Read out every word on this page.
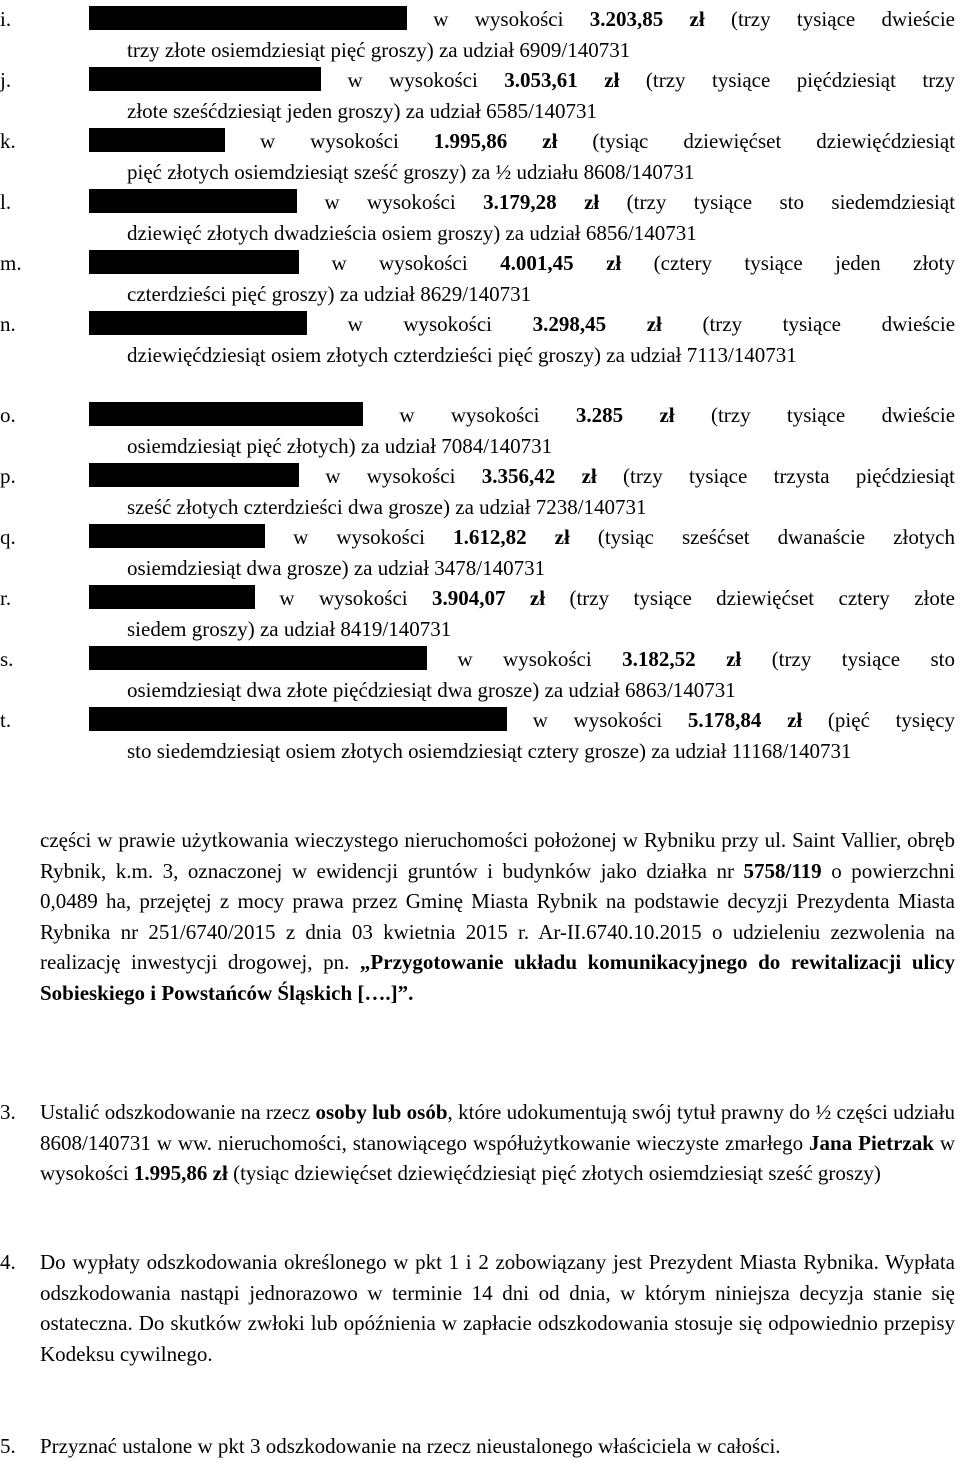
i.	w wysokości 3.203,85 zł (trzy tysiące dwieście
trzy złote osiemdziesiąt pięć groszy) za udział 6909/140731
j.	w wysokości 3.053,61 zł (trzy tysiące pięćdziesiąt trzy
złote sześćdziesiąt jeden groszy) za udział 6585/140731
k.	w wysokości 1.995,86 zł (tysiąc dziewięćset dziewięćdziesiąt
pięć złotych osiemdziesiąt sześć groszy) za ½ udziału 8608/140731
l.	w wysokości 3.179,28 zł (trzy tysiące sto siedemdziesiąt
dziewięć złotych dwadzieścia osiem groszy) za udział 6856/140731
m.	w wysokości 4.001,45 zł (cztery tysiące jeden złoty
czterdzieści pięć groszy) za udział 8629/140731
n.	w wysokości 3.298,45 zł (trzy tysiące dwieście
dziewięćdziesiąt osiem złotych czterdzieści pięć groszy) za udział 7113/140731
o.	w wysokości 3.285 zł (trzy tysiące dwieście
osiemdziesiąt pięć złotych) za udział 7084/140731
p.	w wysokości 3.356,42 zł (trzy tysiące trzysta pięćdziesiąt
sześć złotych czterdzieści dwa grosze) za udział 7238/140731
q.	w wysokości 1.612,82 zł (tysiąc sześćset dwanaście złotych
osiemdziesiąt dwa grosze) za udział 3478/140731
r.	w wysokości 3.904,07 zł (trzy tysiące dziewięćset cztery złote
siedem groszy) za udział 8419/140731
s.	w wysokości 3.182,52 zł (trzy tysiące sto
osiemdziesiąt dwa złote pięćdziesiąt dwa grosze) za udział 6863/140731
t.	w wysokości 5.178,84 zł (pięć tysięcy
sto siedemdziesiąt osiem złotych osiemdziesiąt cztery grosze) za udział 11168/140731
części w prawie użytkowania wieczystego nieruchomości położonej w Rybniku przy ul. Saint Vallier, obręb Rybnik, k.m. 3, oznaczonej w ewidencji gruntów i budynków jako działka nr 5758/119 o powierzchni 0,0489 ha, przejętej z mocy prawa przez Gminę Miasta Rybnik na podstawie decyzji Prezydenta Miasta Rybnika nr 251/6740/2015 z dnia 03 kwietnia 2015 r. Ar-II.6740.10.2015 o udzieleniu zezwolenia na realizację inwestycji drogowej, pn. „Przygotowanie układu komunikacyjnego do rewitalizacji ulicy Sobieskiego i Powstańców Śląskich [….]”.
3. Ustalić odszkodowanie na rzecz osoby lub osób, które udokumentują swój tytuł prawny do ½ części udziału 8608/140731 w ww. nieruchomości, stanowiącego współużytkowanie wieczyste zmarłego Jana Pietrzak w wysokości 1.995,86 zł (tysiąc dziewięćset dziewięćdziesiąt pięć złotych osiemdziesiąt sześć groszy)
4. Do wypłaty odszkodowania określonego w pkt 1 i 2 zobowiązany jest Prezydent Miasta Rybnika. Wypłata odszkodowania nastąpi jednorazowo w terminie 14 dni od dnia, w którym niniejsza decyzja stanie się ostateczna. Do skutków zwłoki lub opóźnienia w zapłacie odszkodowania stosuje się odpowiednio przepisy Kodeksu cywilnego.
5. Przyznać ustalone w pkt 3 odszkodowanie na rzecz nieustalonego właściciela w całości.
